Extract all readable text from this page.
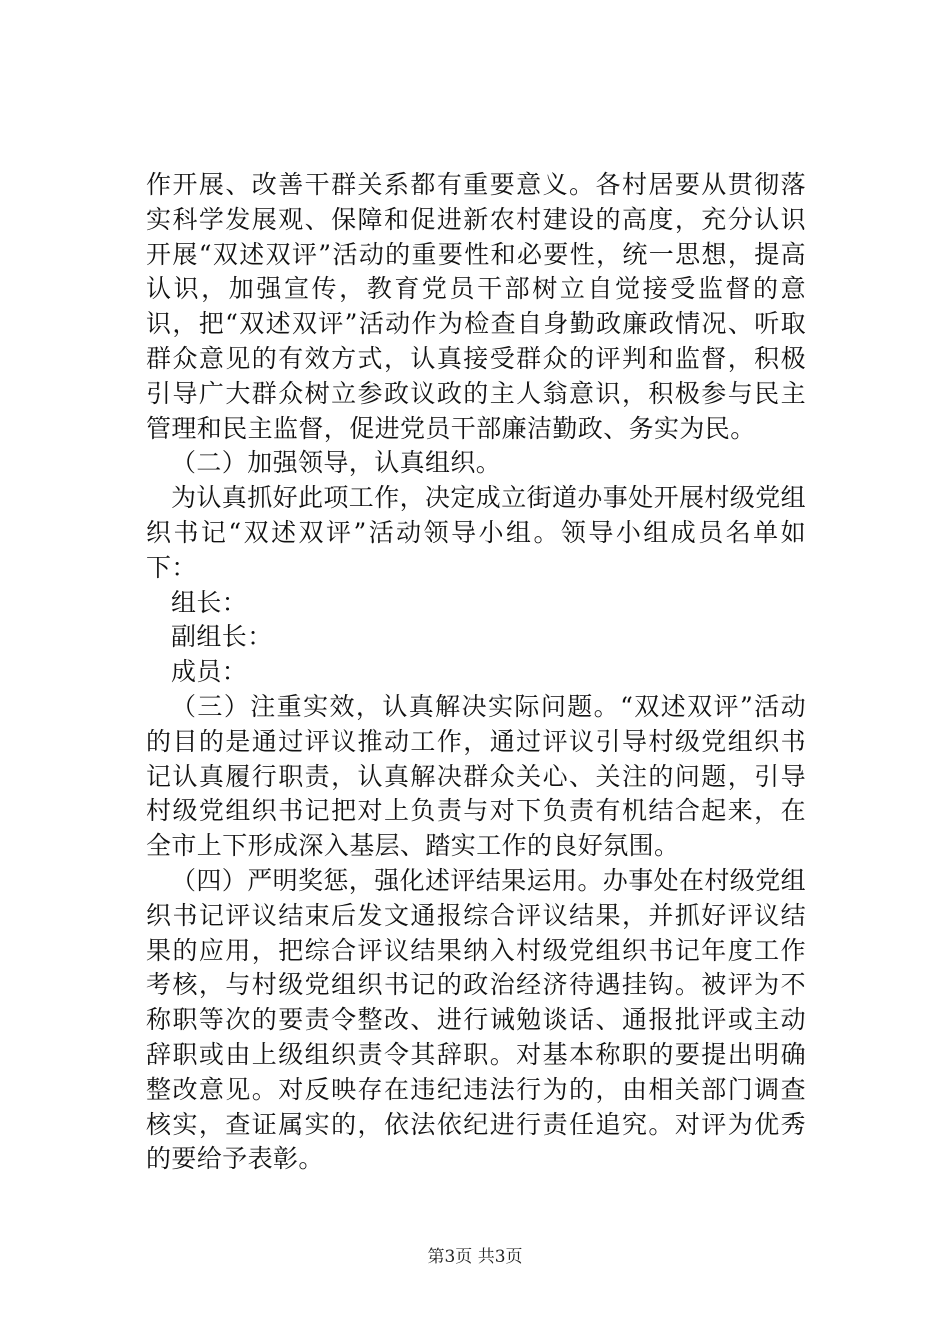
作开展、改善干群关系都有重要意义。各村居要从贯彻落实科学发展观、保障和促进新农村建设的高度，充分认识开展“双述双评”活动的重要性和必要性，统一思想，提高认识，加强宣传，教育党员干部树立自觉接受监督的意识，把“双述双评”活动作为检查自身勤政廉政情况、听取群众意见的有效方式，认真接受群众的评判和监督，积极引导广大群众树立参政议政的主人翁意识，积极参与民主管理和民主监督，促进党员干部廉洁勤政、务实为民。

（二）加强领导，认真组织。

为认真抓好此项工作，决定成立街道办事处开展村级党组织书记“双述双评”活动领导小组。领导小组成员名单如下：

组长：

副组长：

成员：

（三）注重实效，认真解决实际问题。“双述双评”活动的目的是通过评议推动工作，通过评议引导村级党组织书记认真履行职责，认真解决群众关心、关注的问题，引导村级党组织书记把对上负责与对下负责有机结合起来，在全市上下形成深入基层、踏实工作的良好氛围。

（四）严明奖惩，强化述评结果运用。办事处在村级党组织书记评议结束后发文通报综合评议结果，并抓好评议结果的应用，把综合评议结果纳入村级党组织书记年度工作考核，与村级党组织书记的政治经济待遇挂钩。被评为不称职等次的要责令整改、进行诫勉谈话、通报批评或主动辞职或由上级组织责令其辞职。对基本称职的要提出明确整改意见。对反映存在违纪违法行为的，由相关部门调查核实，查证属实的，依法依纪进行责任追究。对评为优秀的要给予表彰。

第3页 共3页
